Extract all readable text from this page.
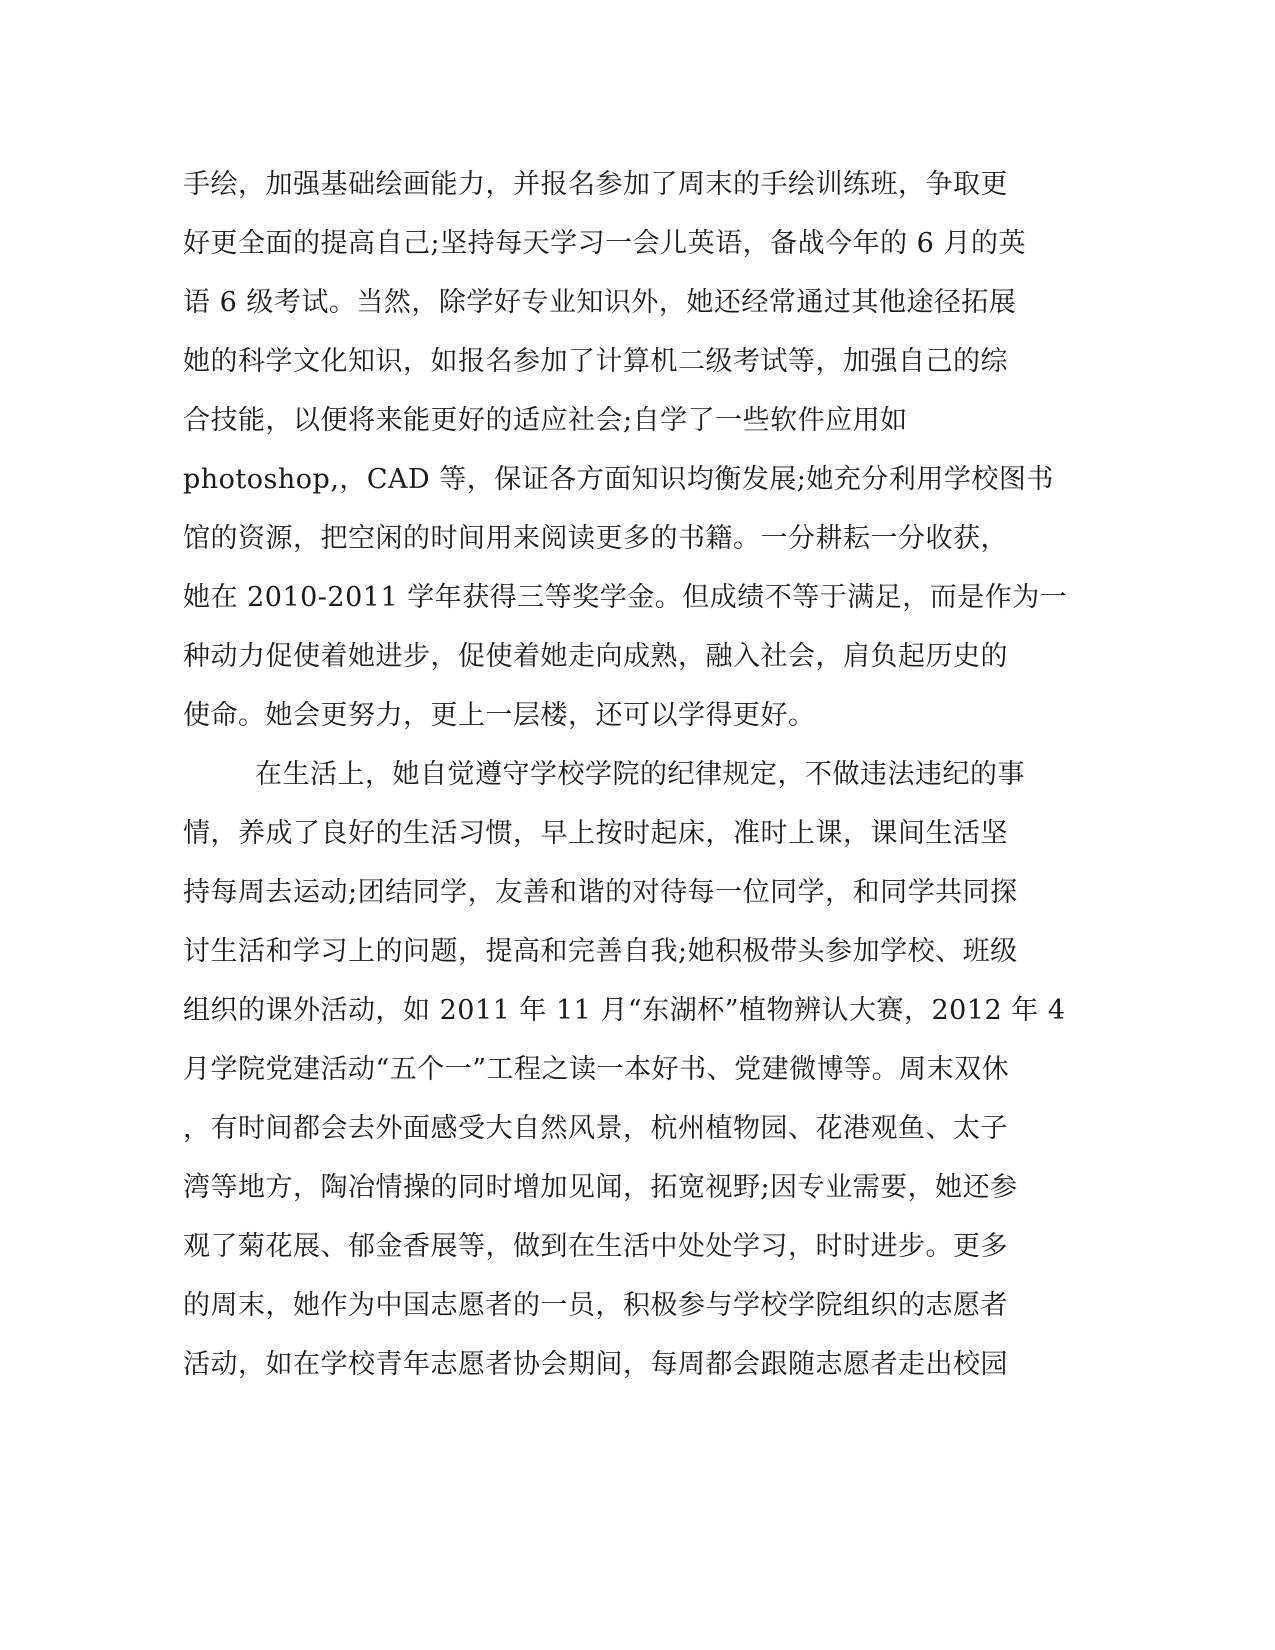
手绘，加强基础绘画能力，并报名参加了周末的手绘训练班，争取更
好更全面的提高自己;坚持每天学习一会儿英语，备战今年的 6 月的英
语 6 级考试。当然，除学好专业知识外，她还经常通过其他途径拓展
她的科学文化知识，如报名参加了计算机二级考试等，加强自己的综
合技能，以便将来能更好的适应社会;自学了一些软件应用如
photoshop,，CAD 等，保证各方面知识均衡发展;她充分利用学校图书
馆的资源，把空闲的时间用来阅读更多的书籍。一分耕耘一分收获，
她在 2010-2011 学年获得三等奖学金。但成绩不等于满足，而是作为一
种动力促使着她进步，促使着她走向成熟，融入社会，肩负起历史的
使命。她会更努力，更上一层楼，还可以学得更好。
在生活上，她自觉遵守学校学院的纪律规定，不做违法违纪的事
情，养成了良好的生活习惯，早上按时起床，准时上课，课间生活坚
持每周去运动;团结同学，友善和谐的对待每一位同学，和同学共同探
讨生活和学习上的问题，提高和完善自我;她积极带头参加学校、班级
组织的课外活动，如 2011 年 11 月“东湖杯”植物辨认大赛，2012 年 4
月学院党建活动“五个一”工程之读一本好书、党建微博等。周末双休
，有时间都会去外面感受大自然风景，杭州植物园、花港观鱼、太子
湾等地方，陶冶情操的同时增加见闻，拓宽视野;因专业需要，她还参
观了菊花展、郁金香展等，做到在生活中处处学习，时时进步。更多
的周末，她作为中国志愿者的一员，积极参与学校学院组织的志愿者
活动，如在学校青年志愿者协会期间，每周都会跟随志愿者走出校园
